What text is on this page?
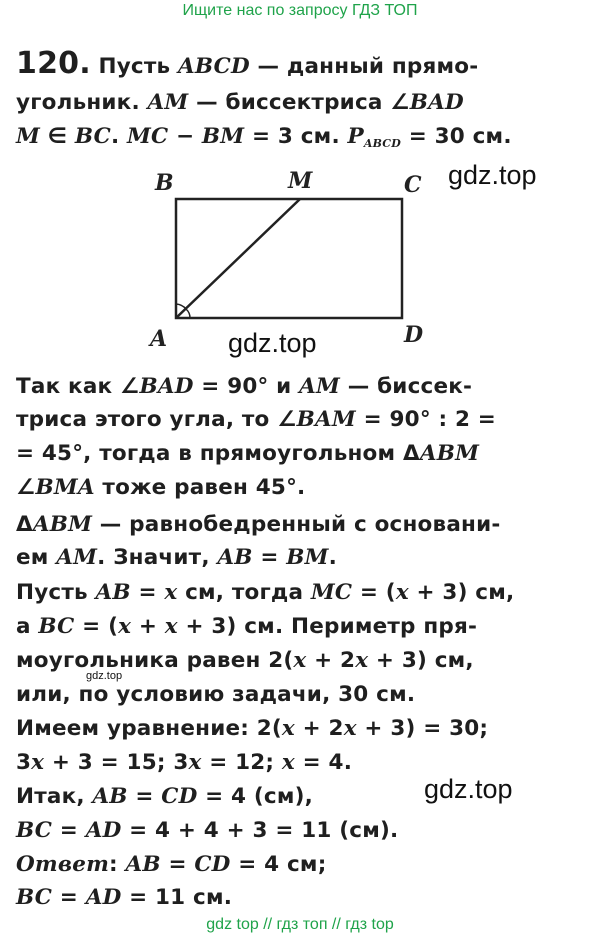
Ищите нас по запросу ГДЗ ТОП
120. Пусть ABCD — данный прямо-
угольник. AM — биссектриса ∠BAD
M ∈ BC. MC − BM = 3 см. $P_{ABCD} = 30$ см.
B	M	C
A	D
gdz.top
gdz.top
Так как ∠BAD = 90° и AM — биссек-
триса этого угла, то ∠BAM = 90° : 2 =
= 45°, тогда в прямоугольном ΔABM
∠BMA тоже равен 45°.
ΔABM — равнобедренный с основани-
ем AM. Значит, AB = BM.
Пусть AB = x см, тогда MC = (x + 3) см,
а BC = (x + x + 3) см. Периметр пря-
моугольника равен 2(x + 2x + 3) см,
gdz.top
или, по условию задачи, 30 см.
Имеем уравнение: 2(x + 2x + 3) = 30;
3x + 3 = 15; 3x = 12; x = 4.
gdz.top
Итак, AB = CD = 4 (см),
BC = AD = 4 + 4 + 3 = 11 (см).
Ответ: AB = CD = 4 см;
BC = AD = 11 см.
gdz top // гдз топ // гдз top
